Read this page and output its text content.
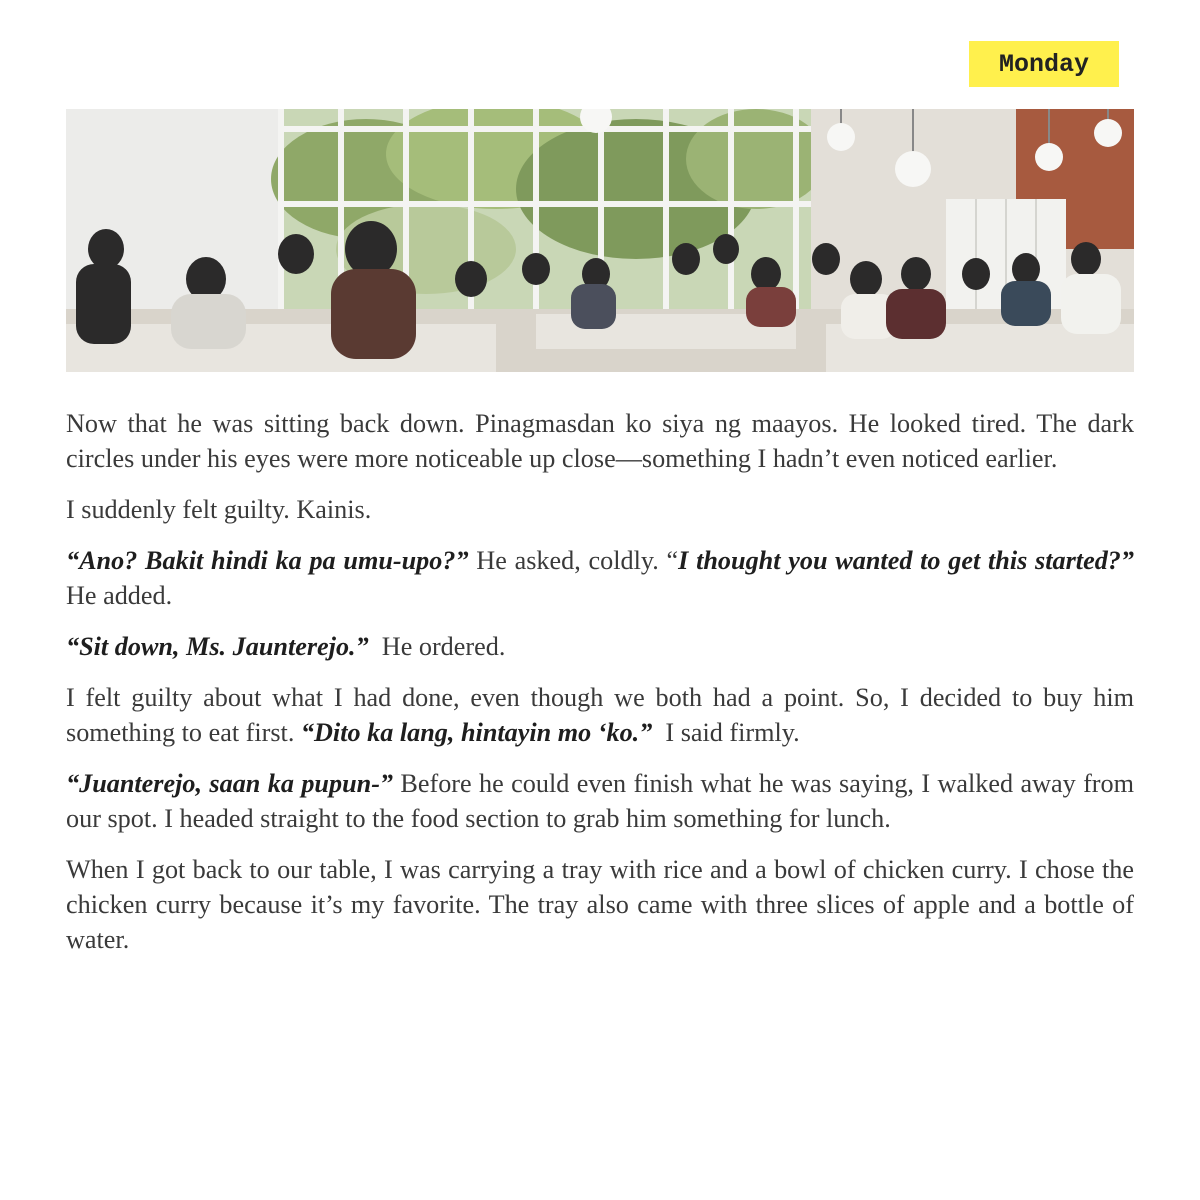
Monday

Now that he was sitting back down. Pinagmasdan ko siya ng maayos. He looked tired. The dark circles under his eyes were more noticeable up close—something I hadn’t even noticed earlier.

I suddenly felt guilty. Kainis.

“Ano? Bakit hindi ka pa umu-upo?” He asked, coldly. “I thought you wanted to get this started?” He added.

“Sit down, Ms. Jaunterejo.”  He ordered.

I felt guilty about what I had done, even though we both had a point. So, I decided to buy him something to eat first. “Dito ka lang, hintayin mo ‘ko.”  I said firmly.

“Juanterejo, saan ka pupun-” Before he could even finish what he was saying, I walked away from our spot. I headed straight to the food section to grab him something for lunch.

When I got back to our table, I was carrying a tray with rice and a bowl of chicken curry. I chose the chicken curry because it’s my favorite. The tray also came with three slices of apple and a bottle of water.
